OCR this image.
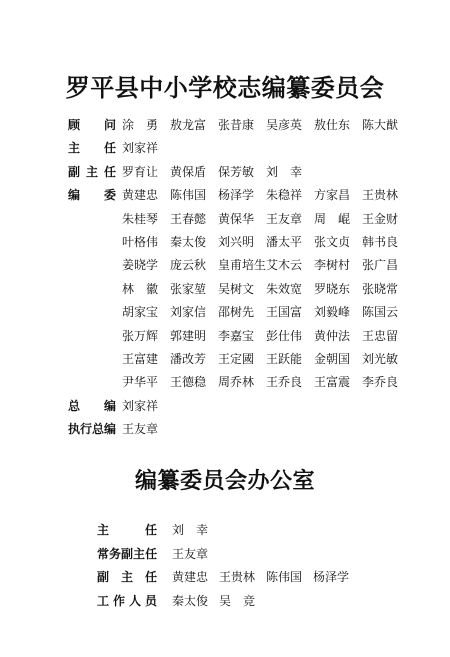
罗平县中小学校志编纂委员会
顾 问 涂　勇 敖龙富 张昔康 吴彦英 敖仕东 陈大猷
主 任 刘家祥
副 主 任 罗育让 黄保盾 保芳敏 刘　幸
编 委 黄建忠 陈伟国 杨泽学 朱稳祥 方家昌 王贵林
朱桂琴 王春懿 黄保华 王友章 周　崐 王金财
叶格伟 秦太俊 刘兴明 潘太平 张文贞 韩书良
姜晓学 庞云秋 皇甫培生艾木云 李树村 张广昌
林　徽 张家堃 吴树文 朱效宽 罗晓东 张晓常
胡家宝 刘家信 邵树先 王国富 刘毅峰 陈国云
张万辉 郭建明 李嘉宝 彭仕伟 黄仲法 王忠留
王富建 潘改芳 王定國 王跃能 金朝国 刘光敏
尹华平 王德稳 周乔林 王乔良 王富震 李乔良
总 编 刘家祥
执 行 总 编 王友章
编纂委员会办公室
主	任 刘　幸
常 务 副 主 任 王友章
副 主 任 黄建忠 王贵林 陈伟国 杨泽学
工 作 人 员 秦太俊 吴　竞
